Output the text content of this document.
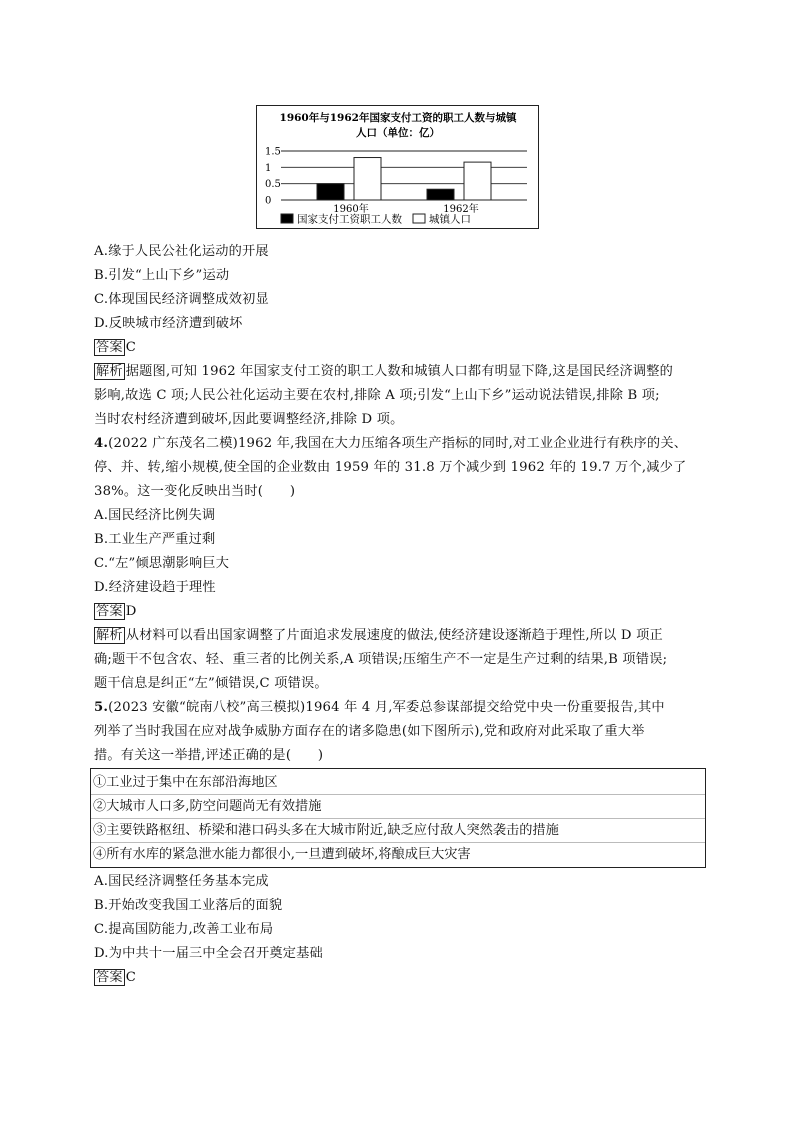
1960年与1962年国家支付工资的职工人数与城镇
人口（单位：亿）
0
0.5
1
1.5
1960年	1962年
国家支付工资职工人数	城镇人口
A.缘于人民公社化运动的开展
B.引发“上山下乡”运动
C.体现国民经济调整成效初显
D.反映城市经济遭到破坏
答案 C
解析 据题图,可知 1962 年国家支付工资的职工人数和城镇人口都有明显下降,这是国民经济调整的
影响,故选 C 项;人民公社化运动主要在农村,排除 A 项;引发“上山下乡”运动说法错误,排除 B 项;
当时农村经济遭到破坏,因此要调整经济,排除 D 项。
4.(2022 广东茂名二模)1962 年,我国在大力压缩各项生产指标的同时,对工业企业进行有秩序的关、
停、并、转,缩小规模,使全国的企业数由 1959 年的 31.8 万个减少到 1962 年的 19.7 万个,减少了
38%。这一变化反映出当时(　　)
A.国民经济比例失调
B.工业生产严重过剩
C.“左”倾思潮影响巨大
D.经济建设趋于理性
答案 D
解析 从材料可以看出国家调整了片面追求发展速度的做法,使经济建设逐渐趋于理性,所以 D 项正
确;题干不包含农、轻、重三者的比例关系,A 项错误;压缩生产不一定是生产过剩的结果,B 项错误;
题干信息是纠正“左”倾错误,C 项错误。
5.(2023 安徽“皖南八校”高三模拟)1964 年 4 月,军委总参谋部提交给党中央一份重要报告,其中
列举了当时我国在应对战争威胁方面存在的诸多隐患(如下图所示),党和政府对此采取了重大举
措。有关这一举措,评述正确的是(　　)
①工业过于集中在东部沿海地区
②大城市人口多,防空问题尚无有效措施
③主要铁路枢纽、桥梁和港口码头多在大城市附近,缺乏应付敌人突然袭击的措施
④所有水库的紧急泄水能力都很小,一旦遭到破坏,将酿成巨大灾害
A.国民经济调整任务基本完成
B.开始改变我国工业落后的面貌
C.提高国防能力,改善工业布局
D.为中共十一届三中全会召开奠定基础
答案 C
